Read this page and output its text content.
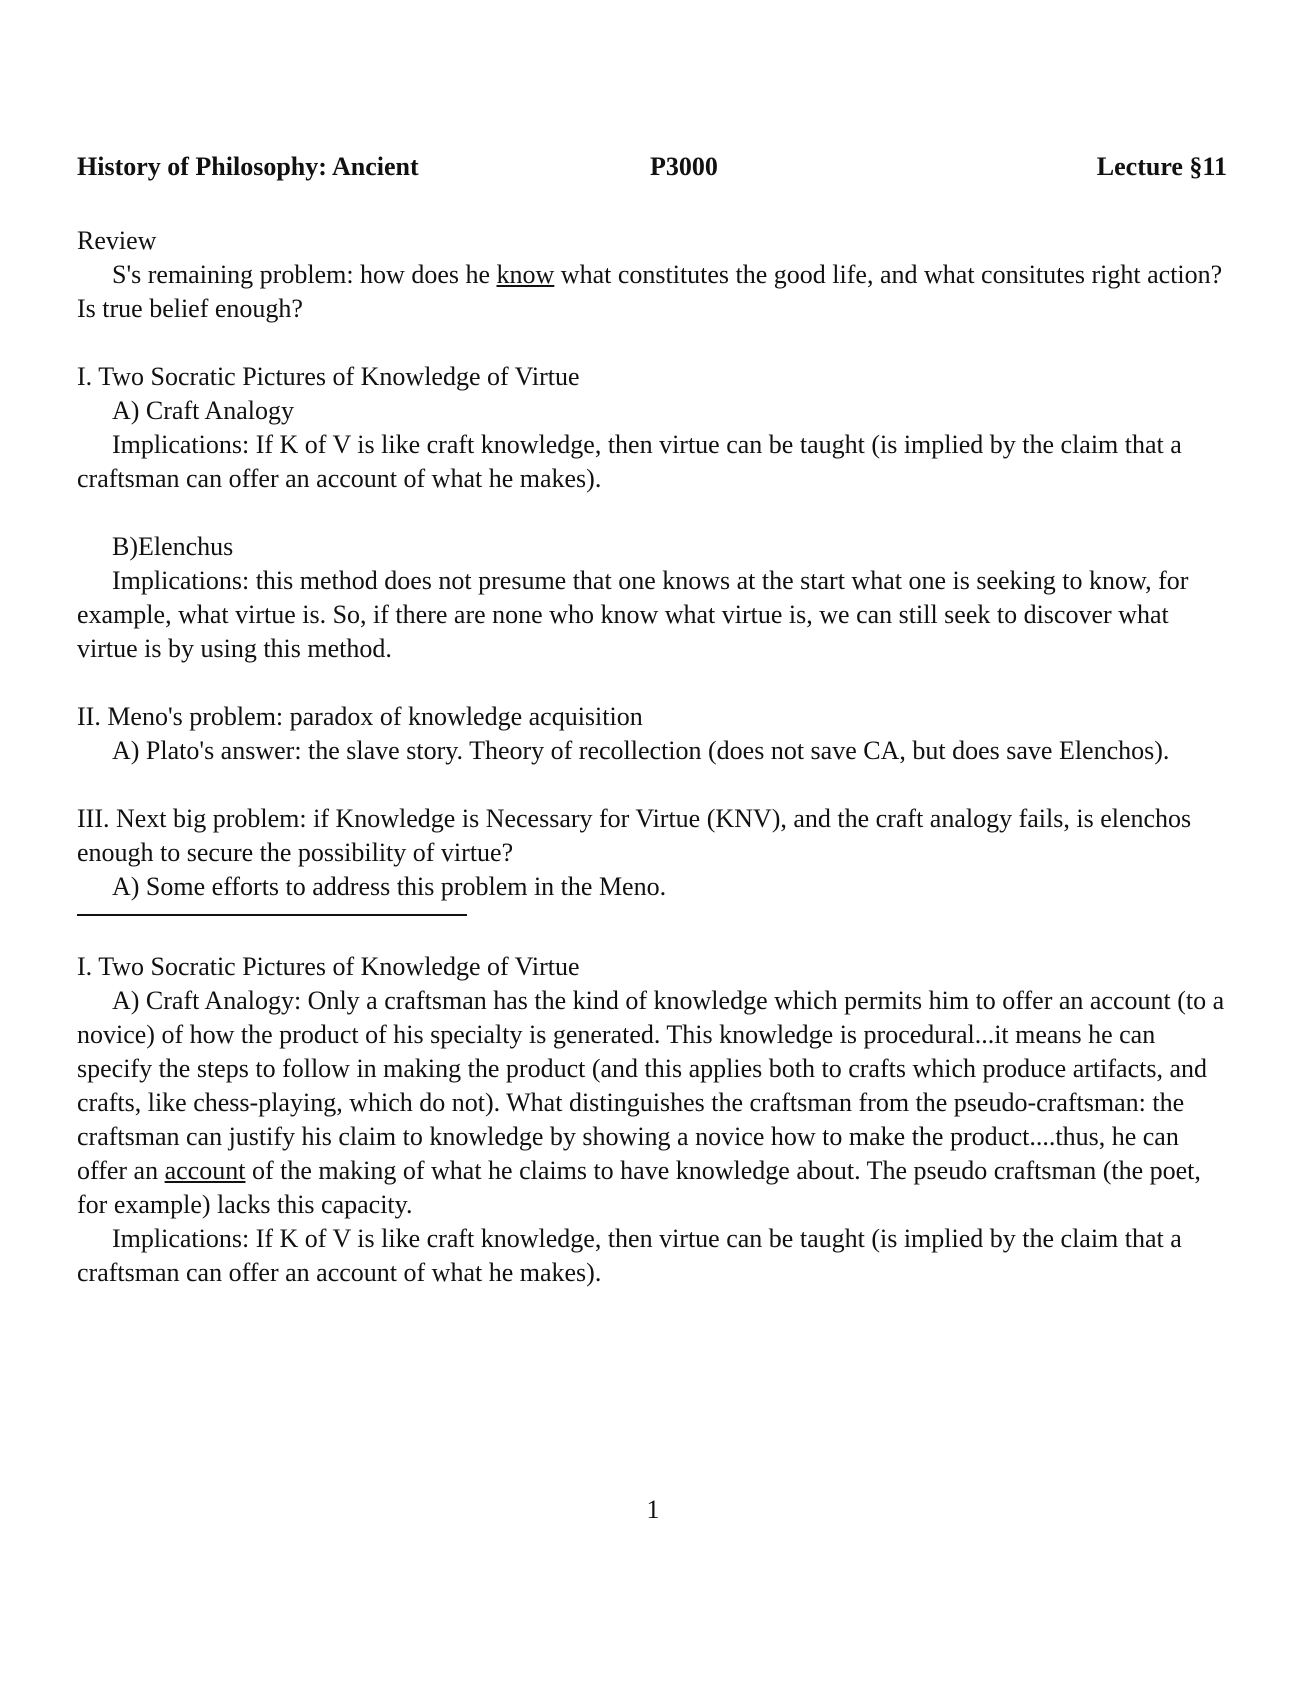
History of Philosophy: Ancient	P3000	Lecture §11

Review

S's remaining problem: how does he know what constitutes the good life, and what consitutes right action? Is true belief enough?

I. Two Socratic Pictures of Knowledge of Virtue

A) Craft Analogy

Implications: If K of V is like craft knowledge, then virtue can be taught (is implied by the claim that a craftsman can offer an account of what he makes).

B)Elenchus

Implications: this method does not presume that one knows at the start what one is seeking to know, for example, what virtue is. So, if there are none who know what virtue is, we can still seek to discover what virtue is by using this method.

II. Meno's problem: paradox of knowledge acquisition

A) Plato's answer: the slave story. Theory of recollection (does not save CA, but does save Elenchos).

III. Next big problem: if Knowledge is Necessary for Virtue (KNV), and the craft analogy fails, is elenchos enough to secure the possibility of virtue?

A) Some efforts to address this problem in the Meno.

I. Two Socratic Pictures of Knowledge of Virtue

A) Craft Analogy: Only a craftsman has the kind of knowledge which permits him to offer an account (to a novice) of how the product of his specialty is generated. This knowledge is procedural...it means he can specify the steps to follow in making the product (and this applies both to crafts which produce artifacts, and crafts, like chess-playing, which do not). What distinguishes the craftsman from the pseudo-craftsman: the craftsman can justify his claim to knowledge by showing a novice how to make the product....thus, he can offer an account of the making of what he claims to have knowledge about. The pseudo craftsman (the poet, for example) lacks this capacity.

Implications: If K of V is like craft knowledge, then virtue can be taught (is implied by the claim that a craftsman can offer an account of what he makes).

1
